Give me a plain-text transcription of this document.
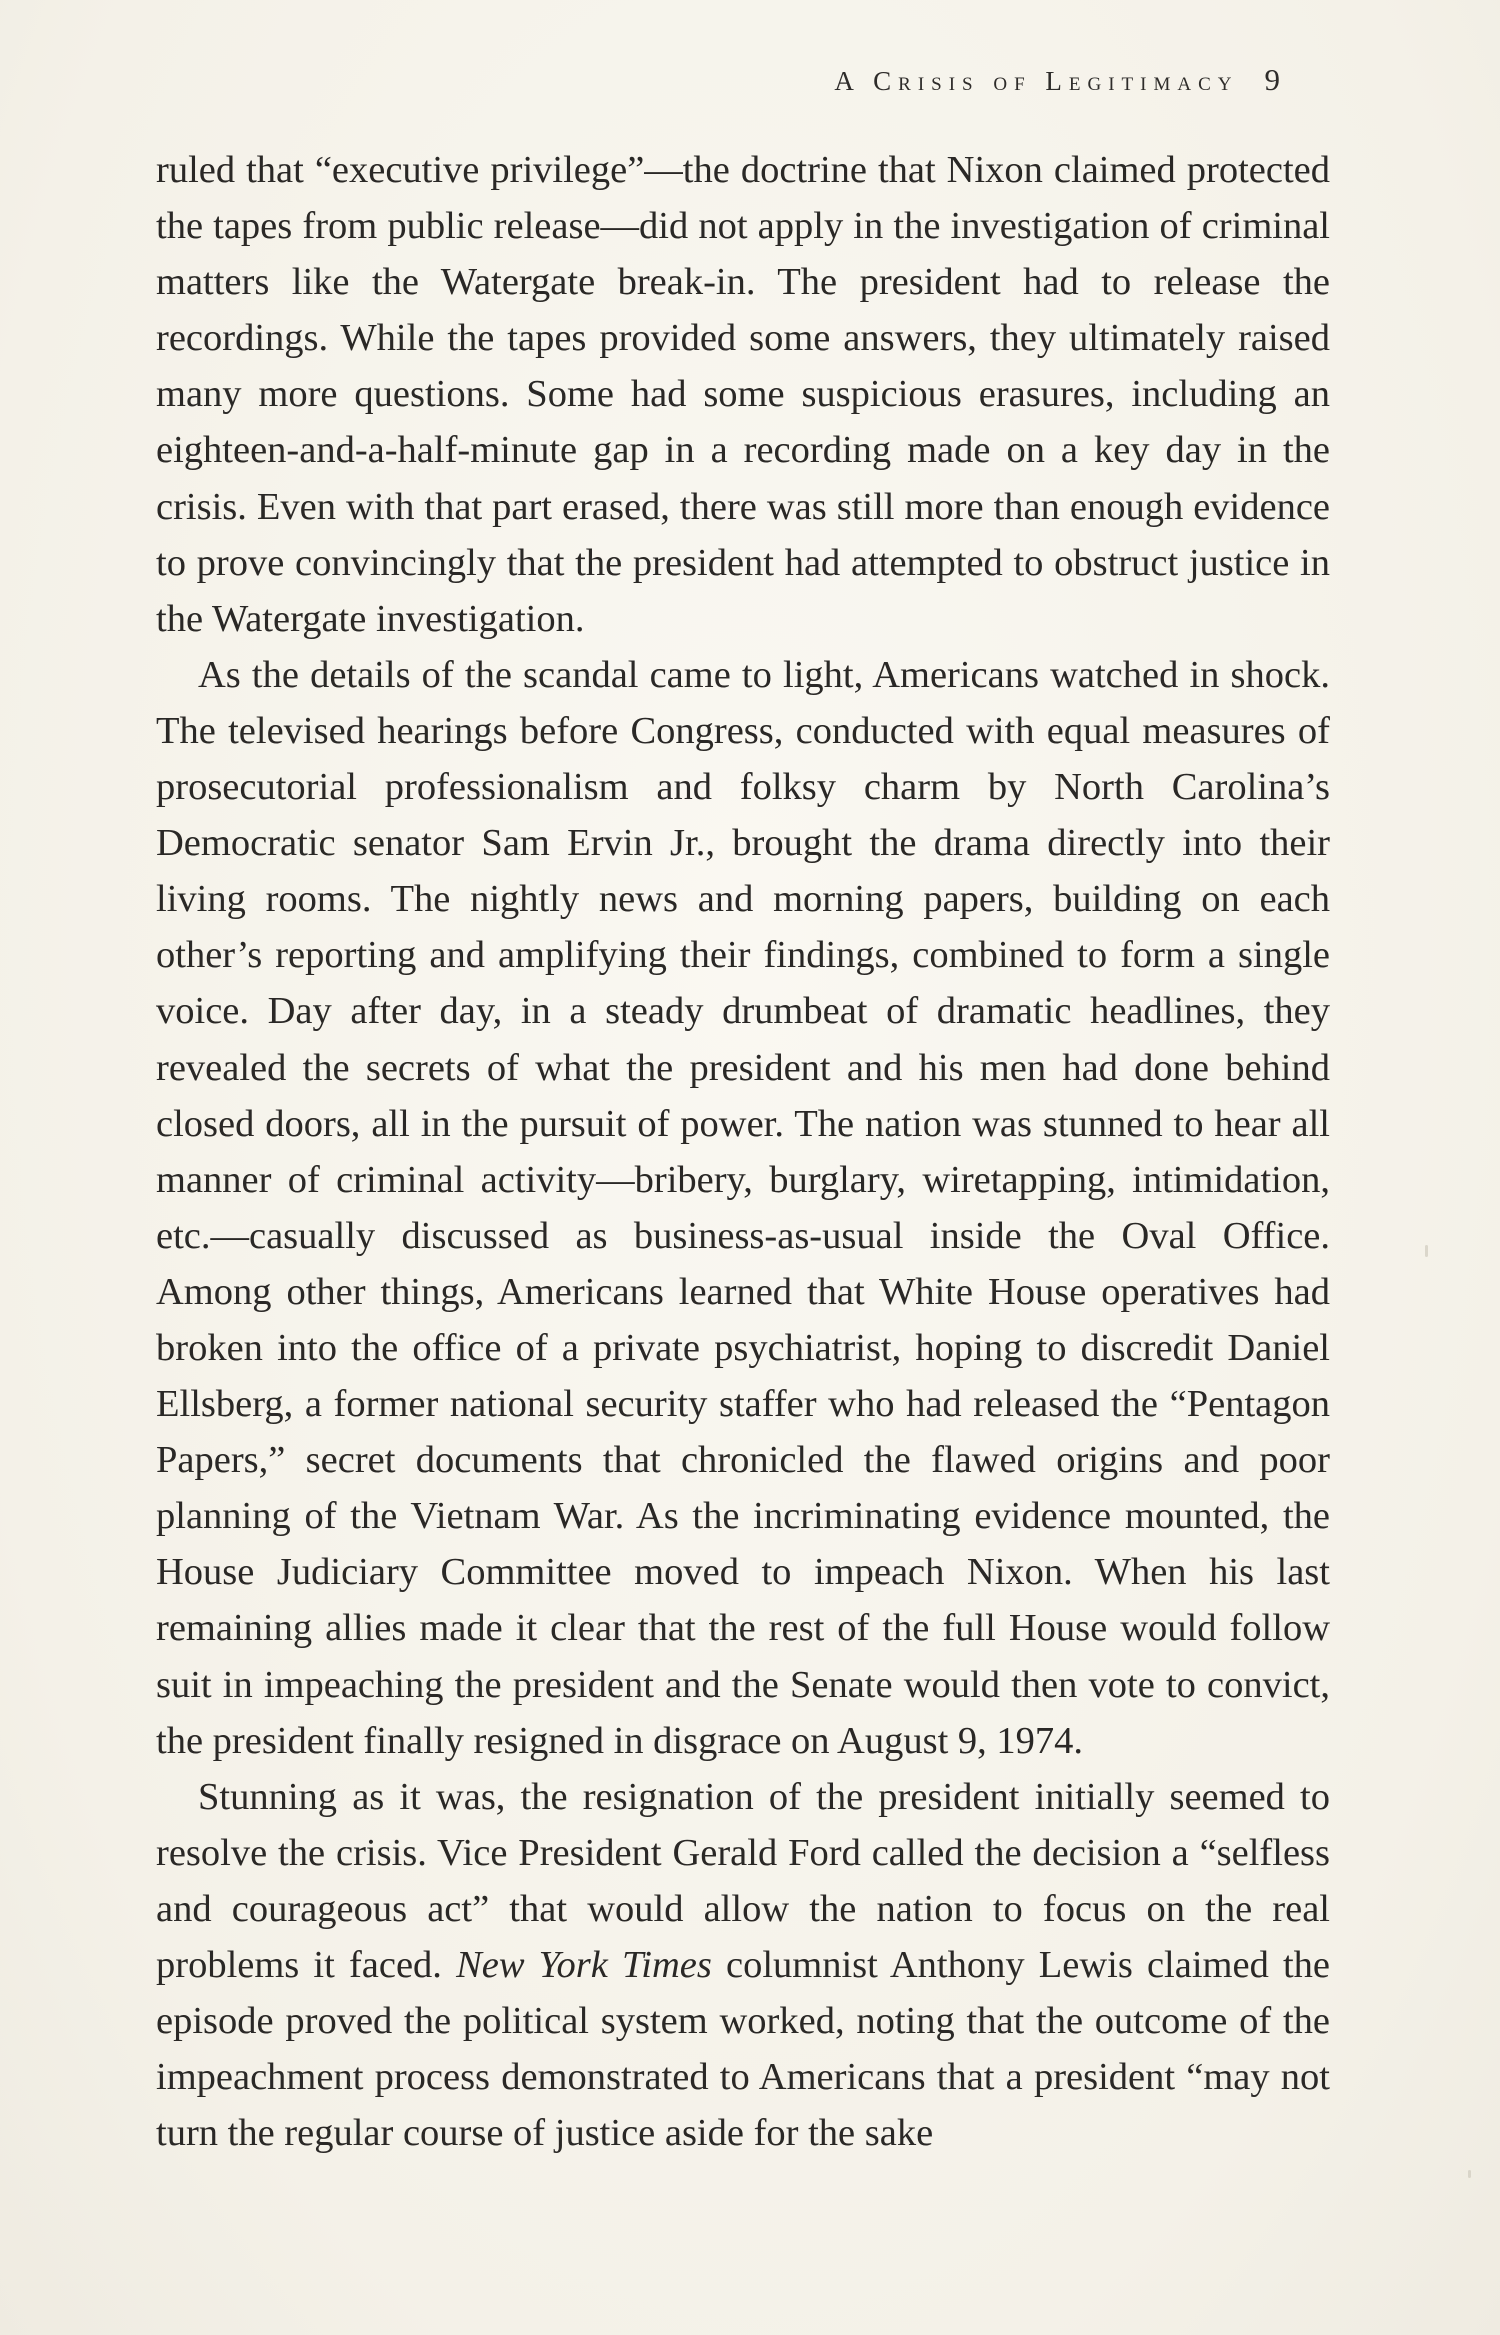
A Crisis of Legitimacy 9

ruled that “executive privilege”—the doctrine that Nixon claimed protected the tapes from public release—did not apply in the investigation of criminal matters like the Watergate break-in. The president had to release the recordings. While the tapes provided some answers, they ultimately raised many more questions. Some had some suspicious erasures, including an eighteen-and-a-half-minute gap in a recording made on a key day in the crisis. Even with that part erased, there was still more than enough evidence to prove convincingly that the president had attempted to obstruct justice in the Watergate investigation.

As the details of the scandal came to light, Americans watched in shock. The televised hearings before Congress, conducted with equal measures of prosecutorial professionalism and folksy charm by North Carolina’s Democratic senator Sam Ervin Jr., brought the drama directly into their living rooms. The nightly news and morning papers, building on each other’s reporting and amplifying their findings, combined to form a single voice. Day after day, in a steady drumbeat of dramatic headlines, they revealed the secrets of what the president and his men had done behind closed doors, all in the pursuit of power. The nation was stunned to hear all manner of criminal activity—bribery, burglary, wiretapping, intimidation, etc.—casually discussed as business-as-usual inside the Oval Office. Among other things, Americans learned that White House operatives had broken into the office of a private psychiatrist, hoping to discredit Daniel Ellsberg, a former national security staffer who had released the “Pentagon Papers,” secret documents that chronicled the flawed origins and poor planning of the Vietnam War. As the incriminating evidence mounted, the House Judiciary Committee moved to impeach Nixon. When his last remaining allies made it clear that the rest of the full House would follow suit in impeaching the president and the Senate would then vote to convict, the president finally resigned in disgrace on August 9, 1974.

Stunning as it was, the resignation of the president initially seemed to resolve the crisis. Vice President Gerald Ford called the decision a “selfless and courageous act” that would allow the nation to focus on the real problems it faced. New York Times columnist Anthony Lewis claimed the episode proved the political system worked, noting that the outcome of the impeachment process demonstrated to Americans that a president “may not turn the regular course of justice aside for the sake
